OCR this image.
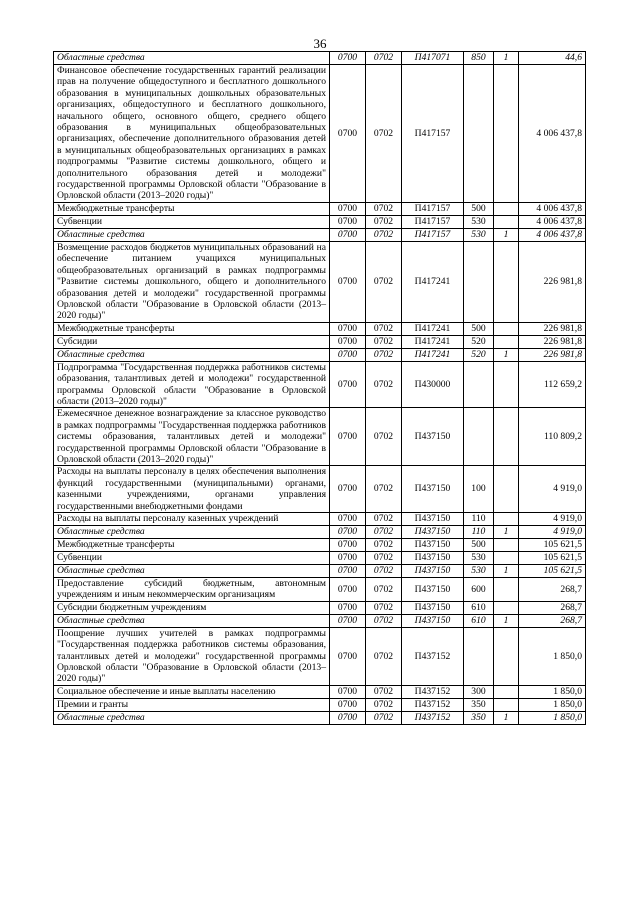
36
Областные средства	0700	0702	П417071	850	1	44,6
Финансовое обеспечение государственных гарантий реализации прав на получение общедоступного и бесплатного дошкольного образования в муниципальных дошкольных образовательных организациях, общедоступного и бесплатного дошкольного, начального общего, основного общего, среднего общего образования в муниципальных общеобразовательных организациях, обеспечение дополнительного образования детей в муниципальных общеобразовательных организациях в рамках подпрограммы "Развитие системы дошкольного, общего и дополнительного образования детей и молодежи" государственной программы Орловской области "Образование в Орловской области (2013–2020 годы)"	0700	0702	П417157			4 006 437,8
Межбюджетные трансферты	0700	0702	П417157	500		4 006 437,8
Субвенции	0700	0702	П417157	530		4 006 437,8
Областные средства	0700	0702	П417157	530	1	4 006 437,8
Возмещение расходов бюджетов муниципальных образований на обеспечение питанием учащихся муниципальных общеобразовательных организаций в рамках подпрограммы "Развитие системы дошкольного, общего и дополнительного образования детей и молодежи" государственной программы Орловской области "Образование в Орловской области (2013–2020 годы)"	0700	0702	П417241			226 981,8
Межбюджетные трансферты	0700	0702	П417241	500		226 981,8
Субсидии	0700	0702	П417241	520		226 981,8
Областные средства	0700	0702	П417241	520	1	226 981,8
Подпрограмма "Государственная поддержка работников системы образования, талантливых детей и молодежи" государственной программы Орловской области "Образование в Орловской области (2013–2020 годы)"	0700	0702	П430000			112 659,2
Ежемесячное денежное вознаграждение за классное руководство в рамках подпрограммы "Государственная поддержка работников системы образования, талантливых детей и молодежи" государственной программы Орловской области "Образование в Орловской области (2013–2020 годы)"	0700	0702	П437150			110 809,2
Расходы на выплаты персоналу в целях обеспечения выполнения функций государственными (муниципальными) органами, казенными учреждениями, органами управления государственными внебюджетными фондами	0700	0702	П437150	100		4 919,0
Расходы на выплаты персоналу казенных учреждений	0700	0702	П437150	110		4 919,0
Областные средства	0700	0702	П437150	110	1	4 919,0
Межбюджетные трансферты	0700	0702	П437150	500		105 621,5
Субвенции	0700	0702	П437150	530		105 621,5
Областные средства	0700	0702	П437150	530	1	105 621,5
Предоставление субсидий бюджетным, автономным учреждениям и иным некоммерческим организациям	0700	0702	П437150	600		268,7
Субсидии бюджетным учреждениям	0700	0702	П437150	610		268,7
Областные средства	0700	0702	П437150	610	1	268,7
Поощрение лучших учителей в рамках подпрограммы "Государственная поддержка работников системы образования, талантливых детей и молодежи" государственной программы Орловской области "Образование в Орловской области (2013–2020 годы)"	0700	0702	П437152			1 850,0
Социальное обеспечение и иные выплаты населению	0700	0702	П437152	300		1 850,0
Премии и гранты	0700	0702	П437152	350		1 850,0
Областные средства	0700	0702	П437152	350	1	1 850,0
